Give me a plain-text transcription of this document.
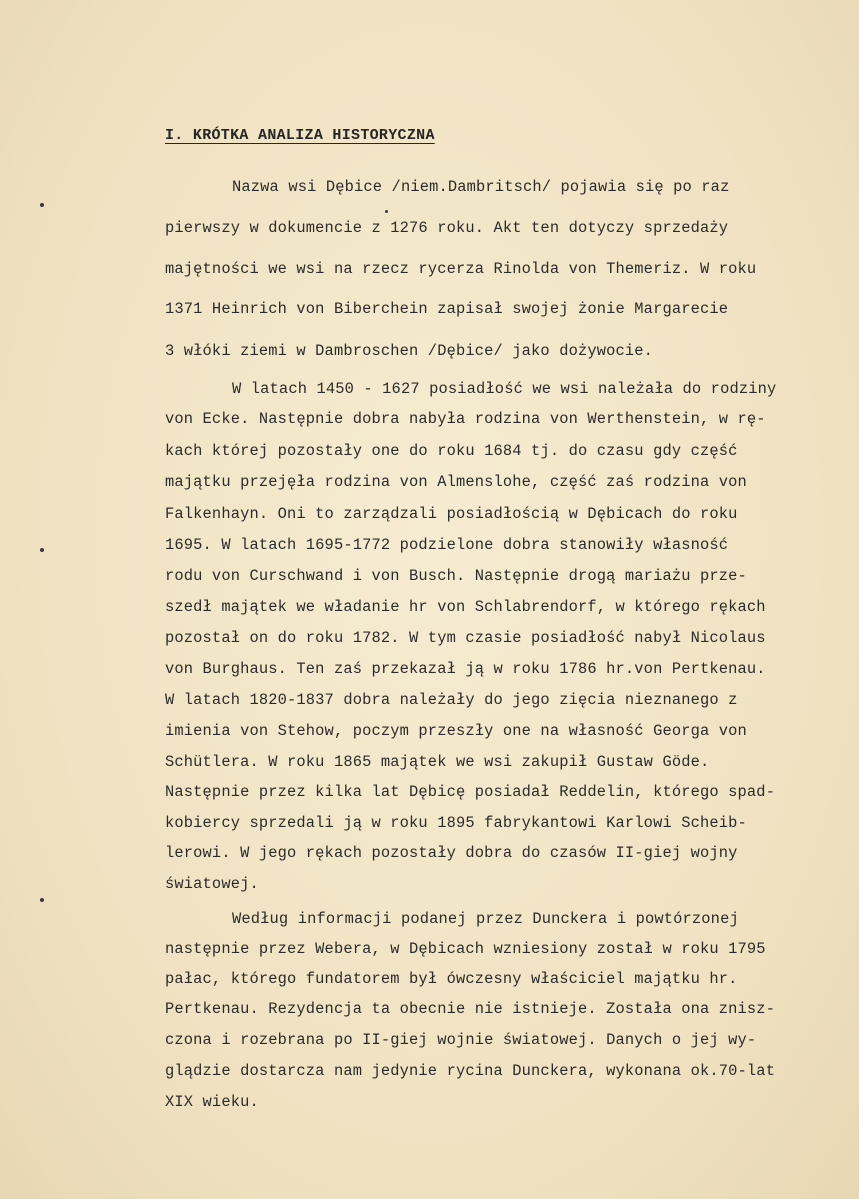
I. KRÓTKA ANALIZA HISTORYCZNA
Nazwa wsi Dębice /niem.Dambritsch/ pojawia się po raz
pierwszy w dokumencie z 1276 roku. Akt ten dotyczy sprzedaży
majętności we wsi na rzecz rycerza Rinolda von Themeriz. W roku
1371 Heinrich von Biberchein zapisał swojej żonie Margarecie
3 włóki ziemi w Dambroschen /Dębice/ jako dożywocie.
W latach 1450 - 1627 posiadłość we wsi należała do rodziny
von Ecke. Następnie dobra nabyła rodzina von Werthenstein, w rę-
kach której pozostały one do roku 1684 tj. do czasu gdy część
majątku przejęła rodzina von Almenslohe, część zaś rodzina von
Falkenhayn. Oni to zarządzali posiadłością w Dębicach do roku
1695. W latach 1695-1772 podzielone dobra stanowiły własność
rodu von Curschwand i von Busch. Następnie drogą mariażu prze-
szedł majątek we władanie hr von Schlabrendorf, w którego rękach
pozostał on do roku 1782. W tym czasie posiadłość nabył Nicolaus
von Burghaus. Ten zaś przekazał ją w roku 1786 hr.von Pertkenau.
W latach 1820-1837 dobra należały do jego zięcia nieznanego z
imienia von Stehow, poczym przeszły one na własność Georga von
Schütlera. W roku 1865 majątek we wsi zakupił Gustaw Göde.
Następnie przez kilka lat Dębicę posiadał Reddelin, którego spad-
kobiercy sprzedali ją w roku 1895 fabrykantowi Karlowi Scheib-
lerowi. W jego rękach pozostały dobra do czasów II-giej wojny
światowej.
Według informacji podanej przez Dunckera i powtórzonej
następnie przez Webera, w Dębicach wzniesiony został w roku 1795
pałac, którego fundatorem był ówczesny właściciel majątku hr.
Pertkenau. Rezydencja ta obecnie nie istnieje. Została ona znisz-
czona i rozebrana po II-giej wojnie światowej. Danych o jej wy-
glądzie dostarcza nam jedynie rycina Dunckera, wykonana ok.70-lat
XIX wieku.
